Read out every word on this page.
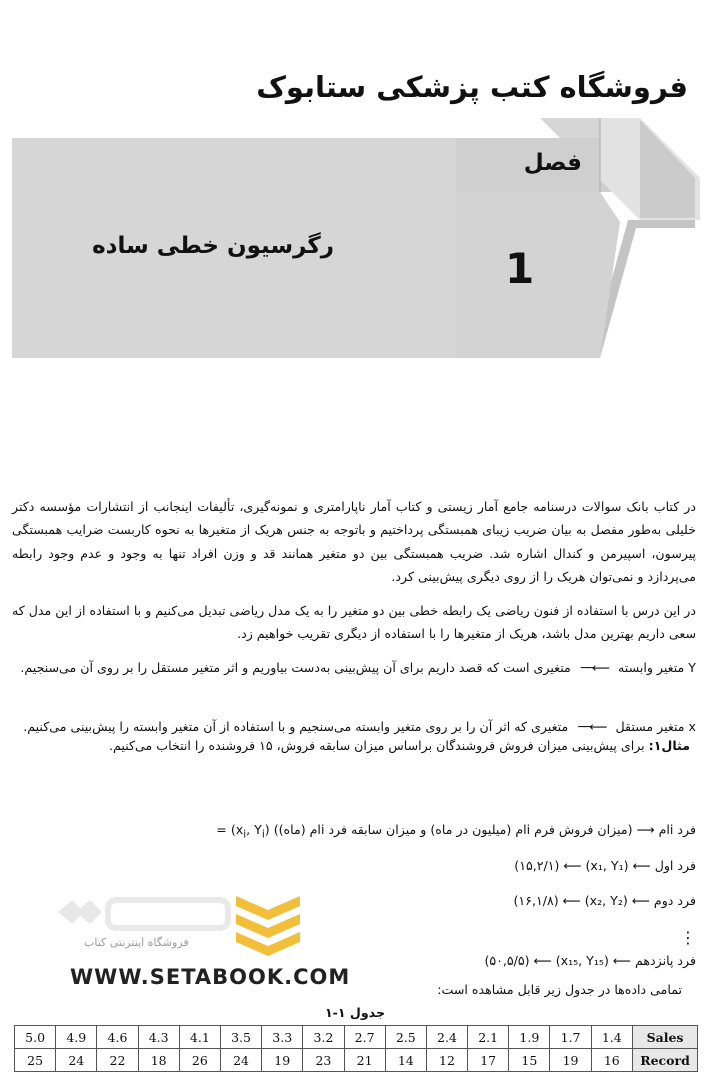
فروشگاه کتب پزشکی ستابوک
فصل
1
رگرسیون خطی ساده
در کتاب بانک سوالات درسنامه جامع آمار زیستی و کتاب آمار ناپارامتری و نمونه‌گیری، تألیفات اینجانب از انتشارات مؤسسه دکتر خلیلی به‌طور مفصل به بیان ضریب زیبای همبستگی پرداختیم و باتوجه به جنس هریک از متغیرها به نحوه کاربست ضرایب همبستگی پیرسون، اسپیرمن و کندال اشاره شد. ضریب همبستگی بین دو متغیر همانند قد و وزن افراد تنها به وجود و عدم وجود رابطه می‌پردازد و نمی‌توان هریک را از روی دیگری پیش‌بینی کرد.
در این درس با استفاده از فنون ریاضی یک رابطه خطی بین دو متغیر را به یک مدل ریاضی تبدیل می‌کنیم و با استفاده از این مدل که سعی داریم بهترین مدل باشد، هریک از متغیرها را با استفاده از دیگری تقریب خواهیم زد.
Y متغیر وابسته ⟵── متغیری است که قصد داریم برای آن پیش‌بینی به‌دست بیاوریم و اثر متغیر مستقل را بر روی آن می‌سنجیم.
x متغیر مستقل ⟵── متغیری که اثر آن را بر روی متغیر وابسته می‌سنجیم و با استفاده از آن متغیر وابسته را پیش‌بینی می‌کنیم.
مثال۱: برای پیش‌بینی میزان فروش فروشندگان براساس میزان سابقه فروش، ۱۵ فروشنده را انتخاب می‌کنیم.
فرد i‌ام ⟶ (میزان فروش فرم i‌ام (میلیون در ماه) و میزان سابقه فرد i‌ام (ماه)) = ($x_i$, $Y_i$)
فرد اول ⟵ (x₁, Y₁) ⟵ (۱۵,۲/۱)
فرد دوم ⟵ (x₂, Y₂) ⟵ (۱۶,۱/۸)
⋮
فرد پانزدهم ⟵ (x₁₅, Y₁₅) ⟵ (۵۰,۵/۵)
فروشگاه اینترنتی کتاب
WWW.SETABOOK.COM
تمامی داده‌ها در جدول زیر قابل مشاهده است:
جدول ۱-۱
5.0	4.9	4.6	4.3	4.1	3.5	3.3	3.2	2.7	2.5	2.4	2.1	1.9	1.7	1.4	Sales
25	24	22	18	26	24	19	23	21	14	12	17	15	19	16	Record
